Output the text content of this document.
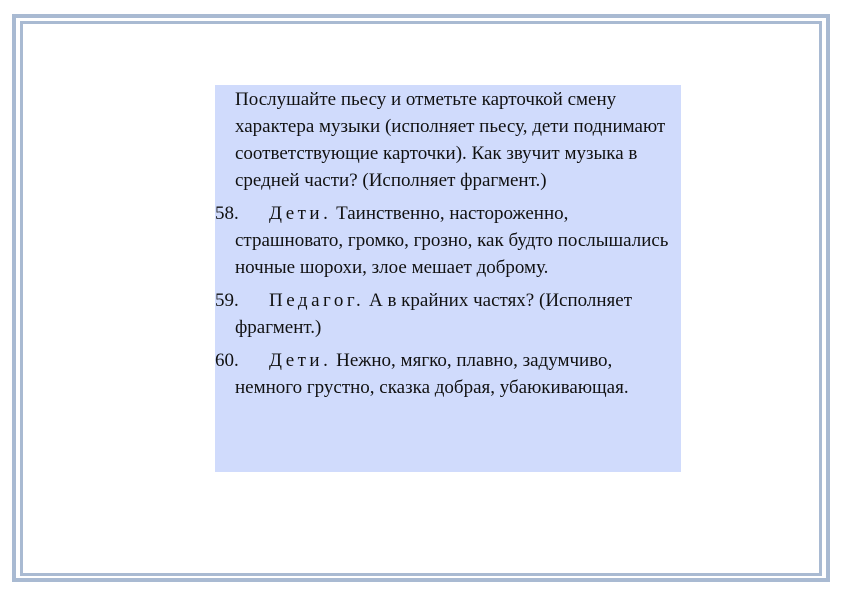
Послушайте пьесу и отметьте карточкой смену характера музыки (исполняет пьесу, дети поднимают соответствующие карточки). Как звучит музыка в средней части? (Исполняет фрагмент.)
58. Дети. Таинственно, настороженно, страшновато, громко, грозно, как будто послышались ночные шорохи, злое мешает доброму.
59. Педагог. А в крайних частях? (Исполняет фрагмент.)
60. Дети. Нежно, мягко, плавно, задумчиво, немного грустно, сказка добрая, убаюкивающая.
